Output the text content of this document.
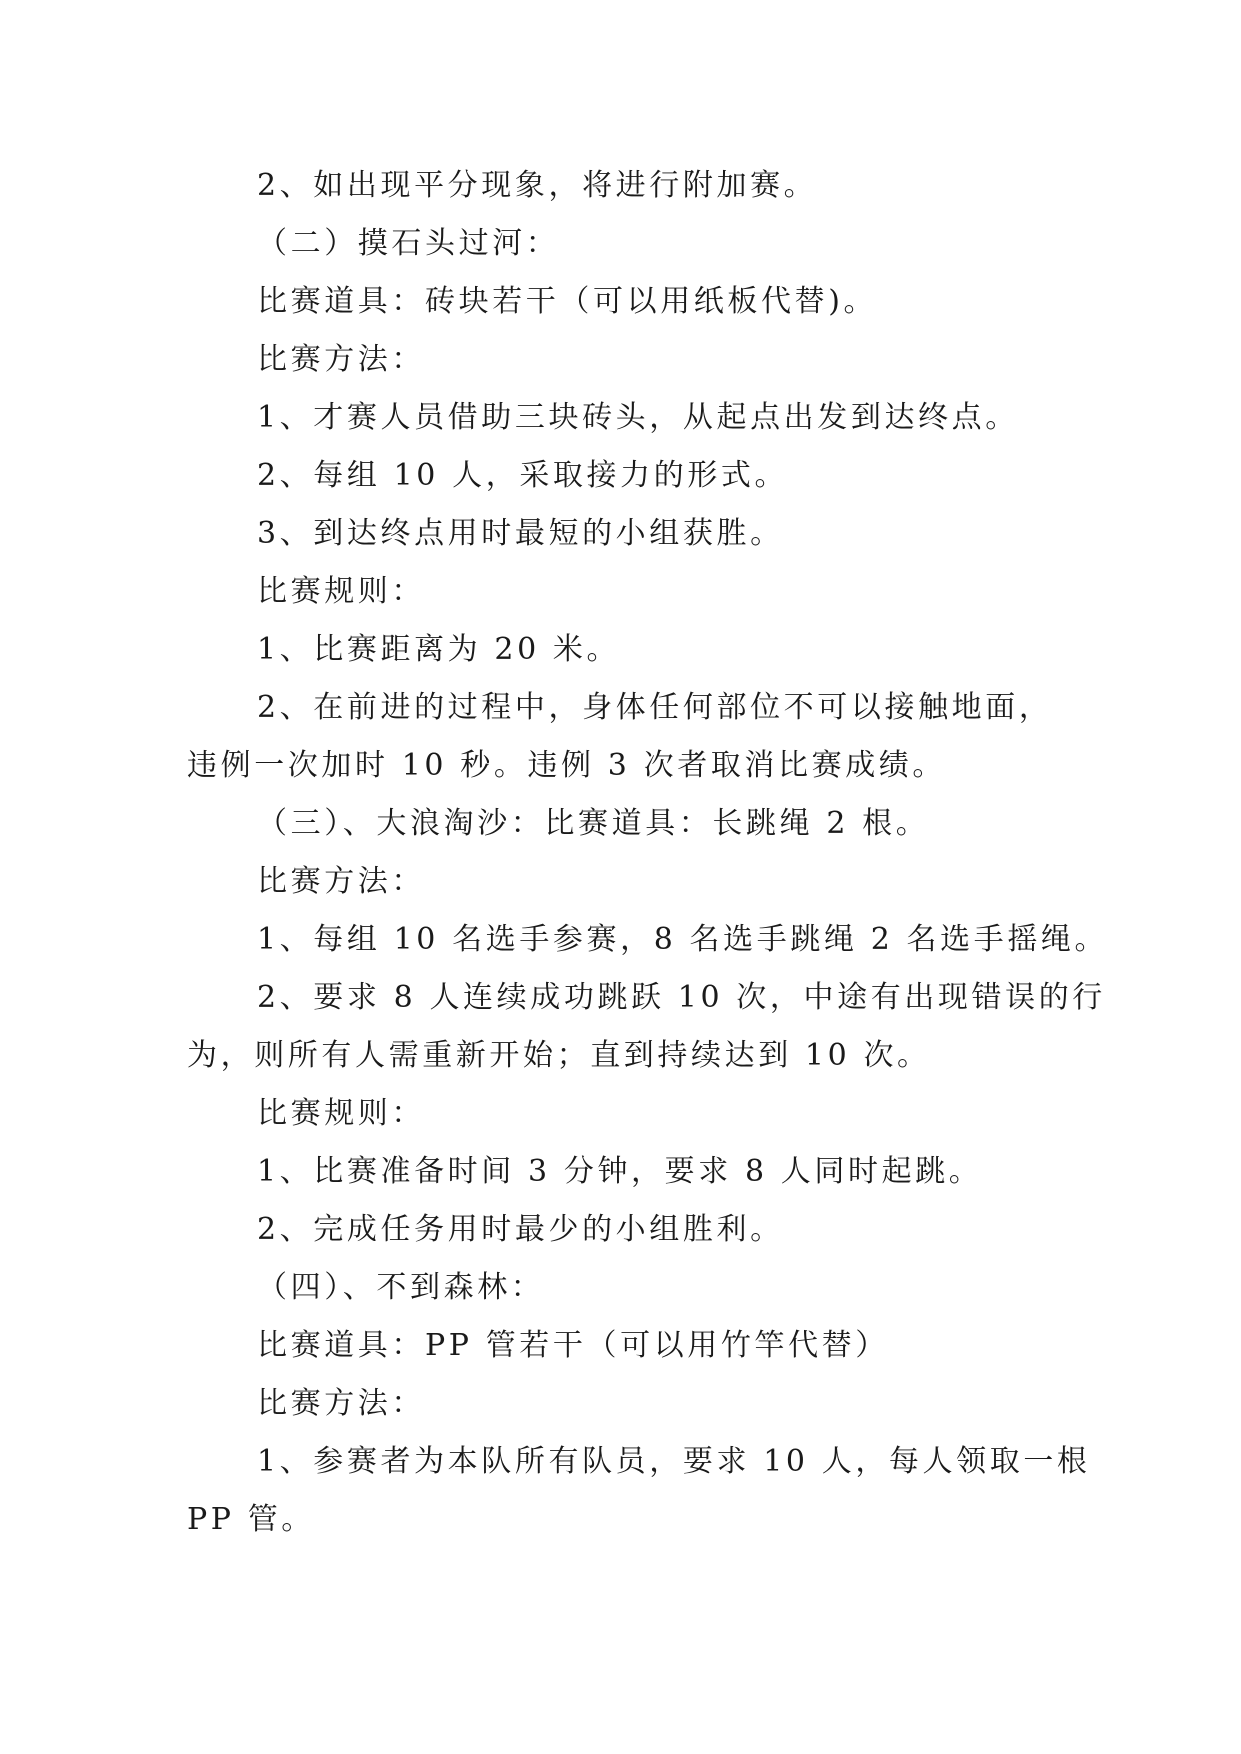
2、如出现平分现象，将进行附加赛。

（二）摸石头过河：

比赛道具：砖块若干（可以用纸板代替)。

比赛方法：

1、才赛人员借助三块砖头，从起点出发到达终点。

2、每组 10 人，采取接力的形式。

3、到达终点用时最短的小组获胜。

比赛规则：

1、比赛距离为 20 米。

2、在前进的过程中，身体任何部位不可以接触地面，

违例一次加时 10 秒。违例 3 次者取消比赛成绩。

（三）、大浪淘沙：比赛道具：长跳绳 2 根。

比赛方法：

1、每组 10 名选手参赛，8 名选手跳绳 2 名选手摇绳。

2、要求 8 人连续成功跳跃 10 次，中途有出现错误的行

为，则所有人需重新开始；直到持续达到 10 次。

比赛规则：

1、比赛准备时间 3 分钟，要求 8 人同时起跳。

2、完成任务用时最少的小组胜利。

（四）、不到森林：

比赛道具：PP 管若干（可以用竹竿代替）

比赛方法：

1、参赛者为本队所有队员，要求 10 人，每人领取一根

PP 管。
